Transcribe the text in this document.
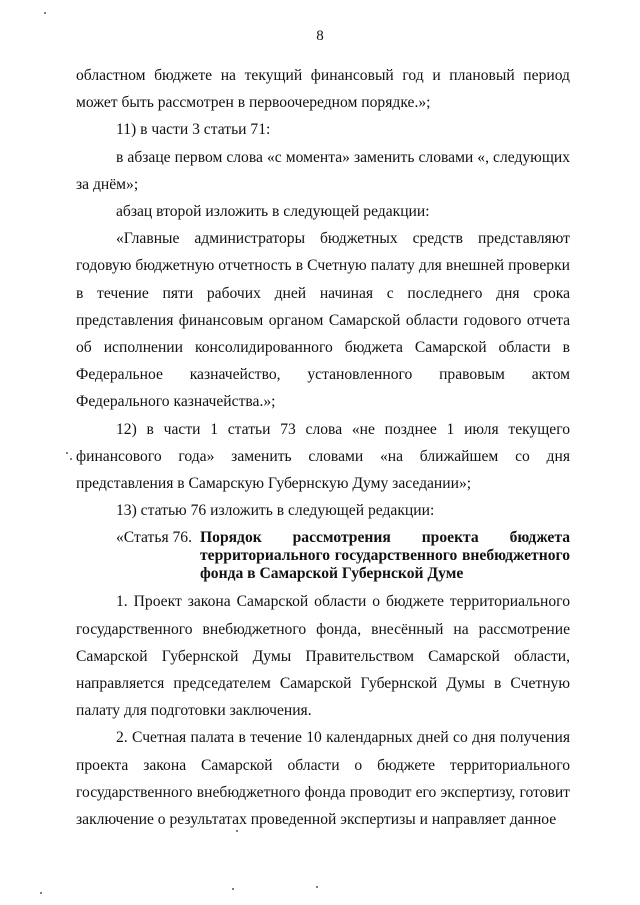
8

областном бюджете на текущий финансовый год и плановый период может быть рассмотрен в первоочередном порядке.»;

11) в части 3 статьи 71:

в абзаце первом слова «с момента» заменить словами «, следующих за днём»;

абзац второй изложить в следующей редакции:

«Главные администраторы бюджетных средств представляют годовую бюджетную отчетность в Счетную палату для внешней проверки в течение пяти рабочих дней начиная с последнего дня срока представления финансовым органом Самарской области годового отчета об исполнении консолидированного бюджета Самарской области в Федеральное казначейство, установленного правовым актом Федерального казначейства.»;

12) в части 1 статьи 73 слова «не позднее 1 июля текущего финансового года» заменить словами «на ближайшем со дня представления в Самарскую Губернскую Думу заседании»;

13) статью 76 изложить в следующей редакции:

«Статья 76. Порядок рассмотрения проекта бюджета территориального государственного внебюджетного фонда в Самарской Губернской Думе

1. Проект закона Самарской области о бюджете территориального государственного внебюджетного фонда, внесённый на рассмотрение Самарской Губернской Думы Правительством Самарской области, направляется председателем Самарской Губернской Думы в Счетную палату для подготовки заключения.

2. Счетная палата в течение 10 календарных дней со дня получения проекта закона Самарской области о бюджете территориального государственного внебюджетного фонда проводит его экспертизу, готовит заключение о результатах проведенной экспертизы и направляет данное
